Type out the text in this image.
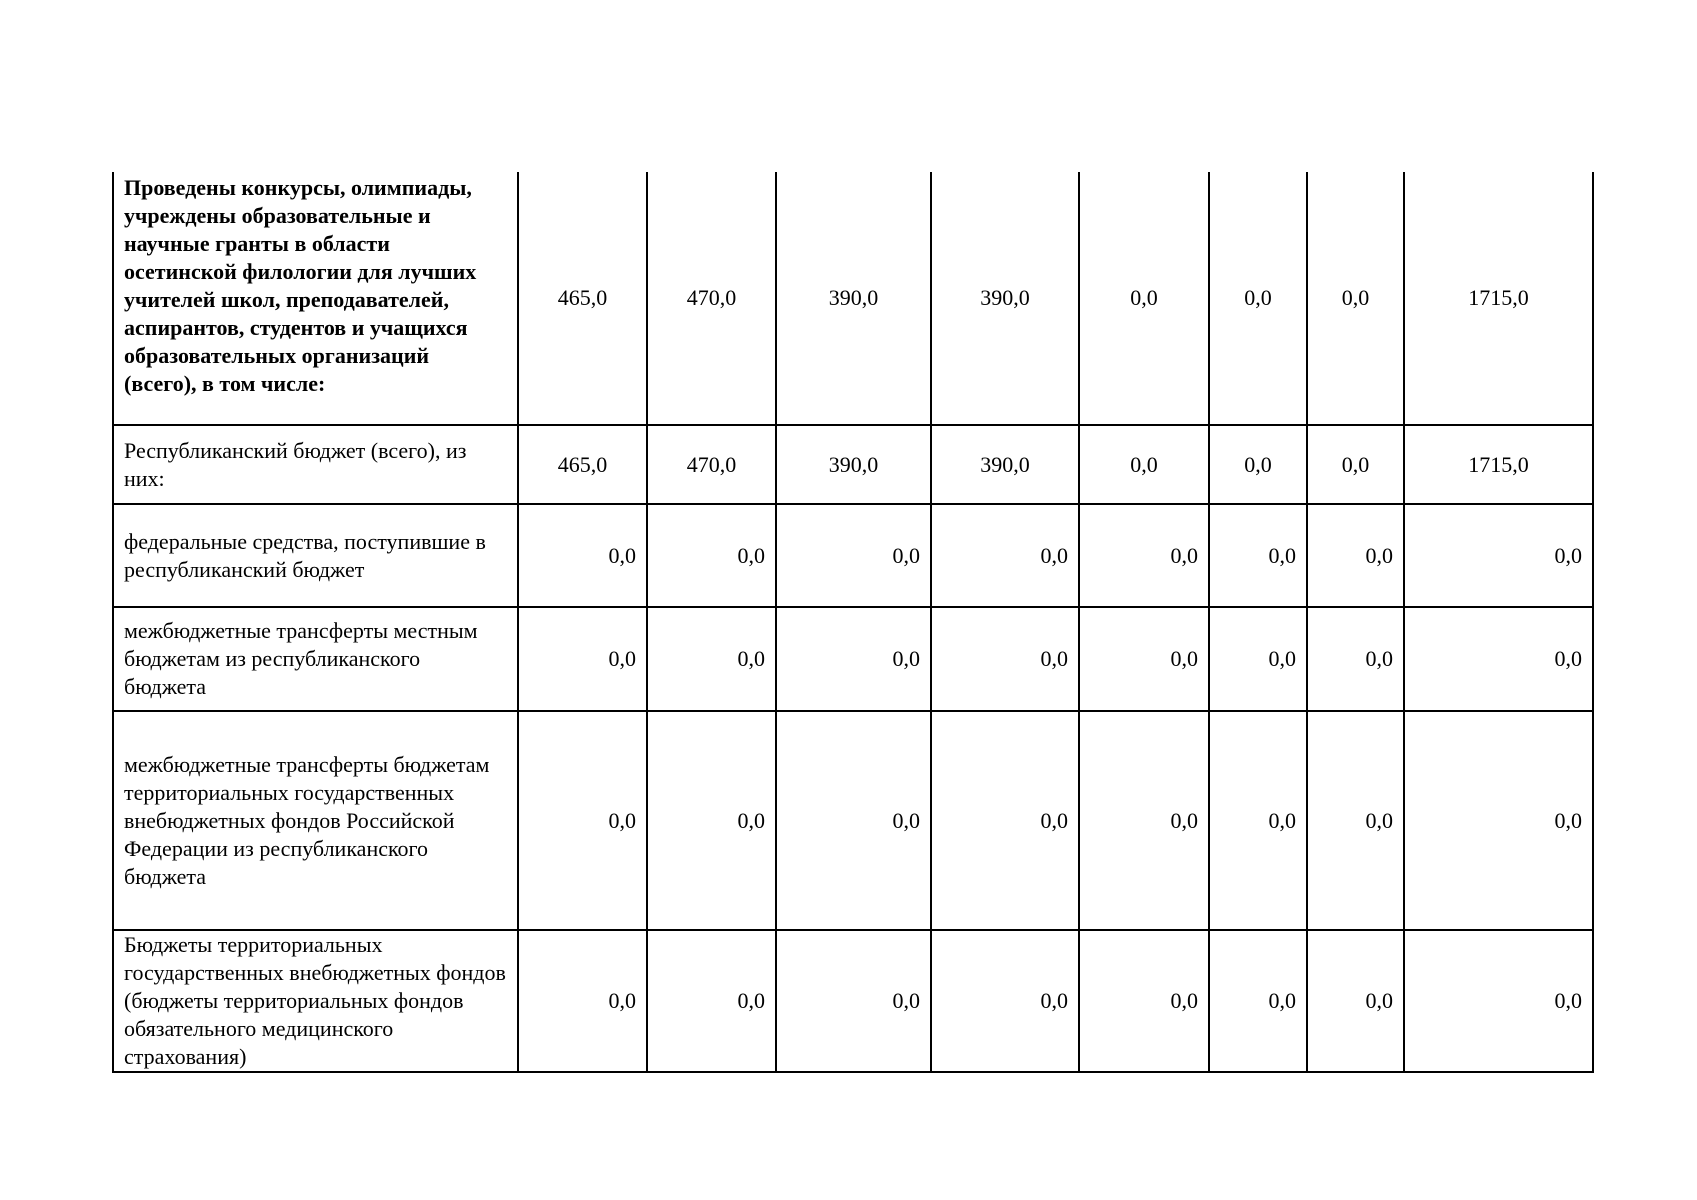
Проведены конкурсы, олимпиады, учреждены образовательные и научные гранты в области осетинской филологии для лучших учителей школ, преподавателей, аспирантов, студентов и учащихся образовательных организаций (всего), в том числе:	465,0	470,0	390,0	390,0	0,0	0,0	0,0	1715,0
Республиканский бюджет (всего), из них:	465,0	470,0	390,0	390,0	0,0	0,0	0,0	1715,0
федеральные средства, поступившие в республиканский бюджет	0,0	0,0	0,0	0,0	0,0	0,0	0,0	0,0
межбюджетные трансферты местным бюджетам из республиканского бюджета	0,0	0,0	0,0	0,0	0,0	0,0	0,0	0,0
межбюджетные трансферты бюджетам территориальных государственных внебюджетных фондов Российской Федерации из республиканского бюджета	0,0	0,0	0,0	0,0	0,0	0,0	0,0	0,0
Бюджеты территориальных государственных внебюджетных фондов (бюджеты территориальных фондов обязательного медицинского страхования)	0,0	0,0	0,0	0,0	0,0	0,0	0,0	0,0
